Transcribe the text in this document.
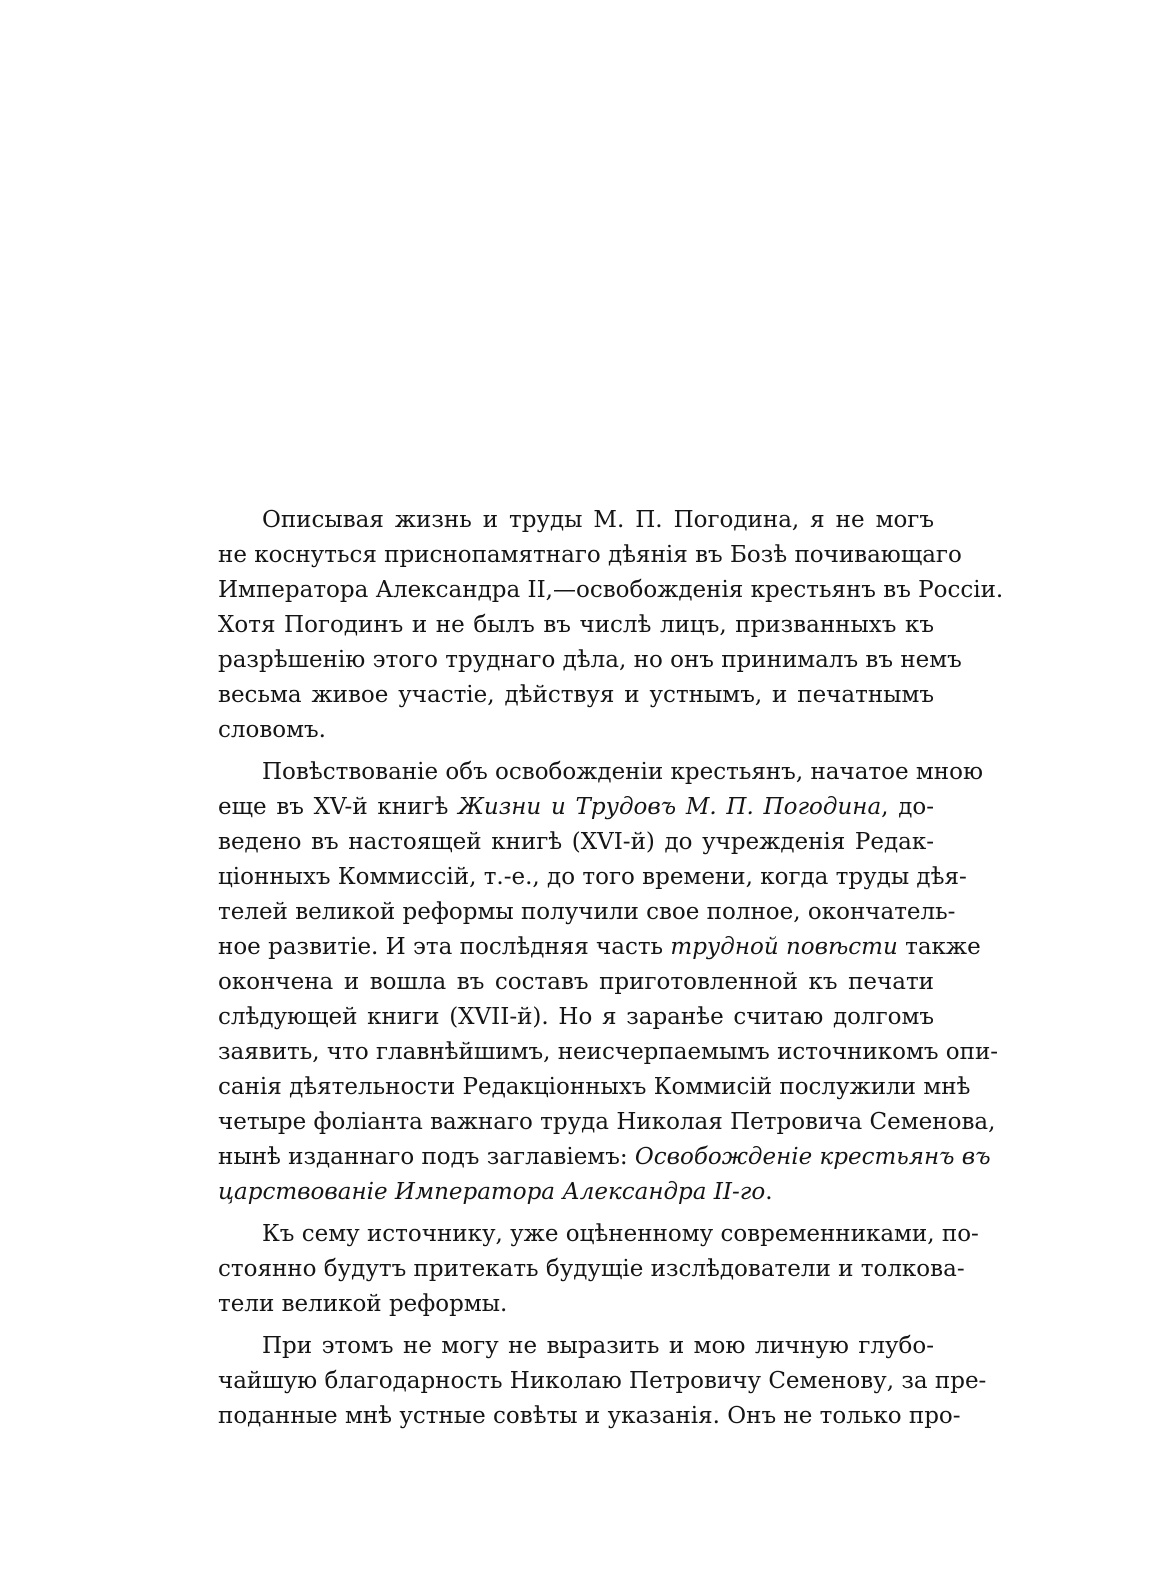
Описывая жизнь и труды М. П. Погодина, я не могъ
не коснуться приснопамятнаго дѣянія въ Бозѣ почивающаго
Императора Александра II,—освобожденія крестьянъ въ Россіи.
Хотя Погодинъ и не былъ въ числѣ лицъ, призванныхъ къ
разрѣшенію этого труднаго дѣла, но онъ принималъ въ немъ
весьма живое участіе, дѣйствуя и устнымъ, и печатнымъ
словомъ.
Повѣствованіе объ освобожденіи крестьянъ, начатое мною
еще въ XV-й книгѣ Жизни и Трудовъ М. П. Погодина, до-
ведено въ настоящей книгѣ (XVI-й) до учрежденія Редак-
ціонныхъ Коммиссій, т.-е., до того времени, когда труды дѣя-
телей великой реформы получили свое полное, окончатель-
ное развитіе. И эта послѣдняя часть трудной повѣсти также
окончена и вошла въ составъ приготовленной къ печати
слѣдующей книги (XVII-й). Но я заранѣе считаю долгомъ
заявить, что главнѣйшимъ, неисчерпаемымъ источникомъ опи-
санія дѣятельности Редакціонныхъ Коммисій послужили мнѣ
четыре фоліанта важнаго труда Николая Петровича Семенова,
нынѣ изданнаго подъ заглавіемъ: Освобожденіе крестьянъ въ
царствованіе Императора Александра II-го.
Къ сему источнику, уже оцѣненному современниками, по-
стоянно будутъ притекать будущіе изслѣдователи и толкова-
тели великой реформы.
При этомъ не могу не выразить и мою личную глубо-
чайшую благодарность Николаю Петровичу Семенову, за пре-
поданные мнѣ устные совѣты и указанія. Онъ не только про-
